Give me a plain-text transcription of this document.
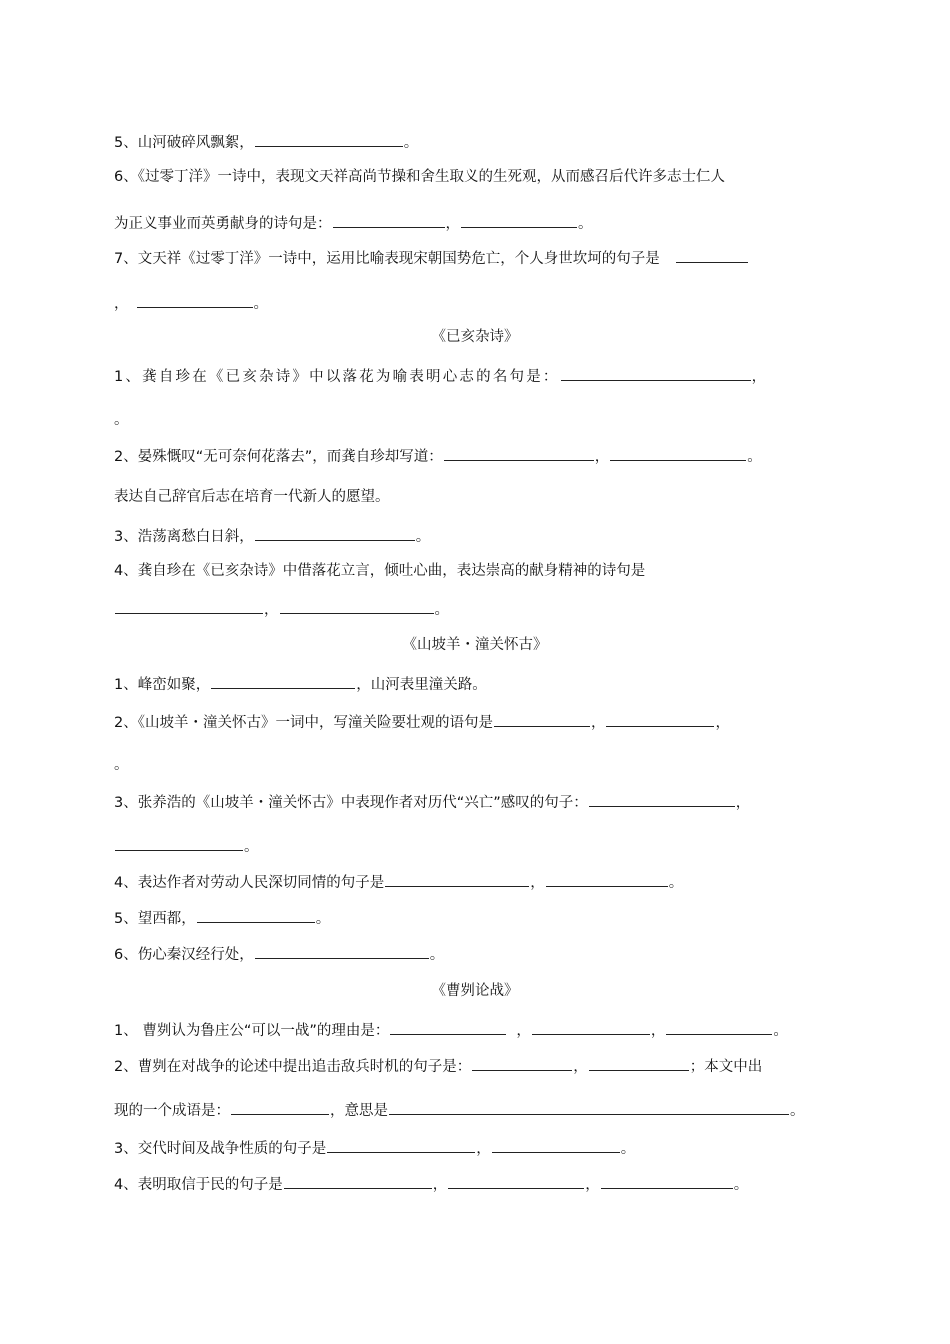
5、山河破碎风飘絮，	。
6、《过零丁洋》一诗中，表现文天祥高尚节操和舍生取义的生死观，从而感召后代许多志士仁人
为正义事业而英勇献身的诗句是：	，	。
7、文天祥《过零丁洋》一诗中，运用比喻表现宋朝国势危亡，个人身世坎坷的句子是
，	。
《已亥杂诗》
1、龚自珍在《已亥杂诗》中以落花为喻表明心志的名句是：	，
。
2、晏殊慨叹“无可奈何花落去”，而龚自珍却写道：	，	。
表达自己辞官后志在培育一代新人的愿望。
3、浩荡离愁白日斜，	。
4、龚自珍在《已亥杂诗》中借落花立言，倾吐心曲，表达崇高的献身精神的诗句是
，	。
《山坡羊・潼关怀古》
1、峰峦如聚，	，山河表里潼关路。
2、《山坡羊・潼关怀古》一词中，写潼关险要壮观的语句是	，	，
。
3、张养浩的《山坡羊・潼关怀古》中表现作者对历代“兴亡”感叹的句子：	，
。
4、表达作者对劳动人民深切同情的句子是	，	。
5、望西都，	。
6、伤心秦汉经行处，	。
《曹刿论战》
1、 曹刿认为鲁庄公“可以一战”的理由是：	，	，	。
2、曹刿在对战争的论述中提出追击敌兵时机的句子是：	，	；本文中出
现的一个成语是：	，意思是	。
3、交代时间及战争性质的句子是	，	。
4、表明取信于民的句子是	，	，	。
